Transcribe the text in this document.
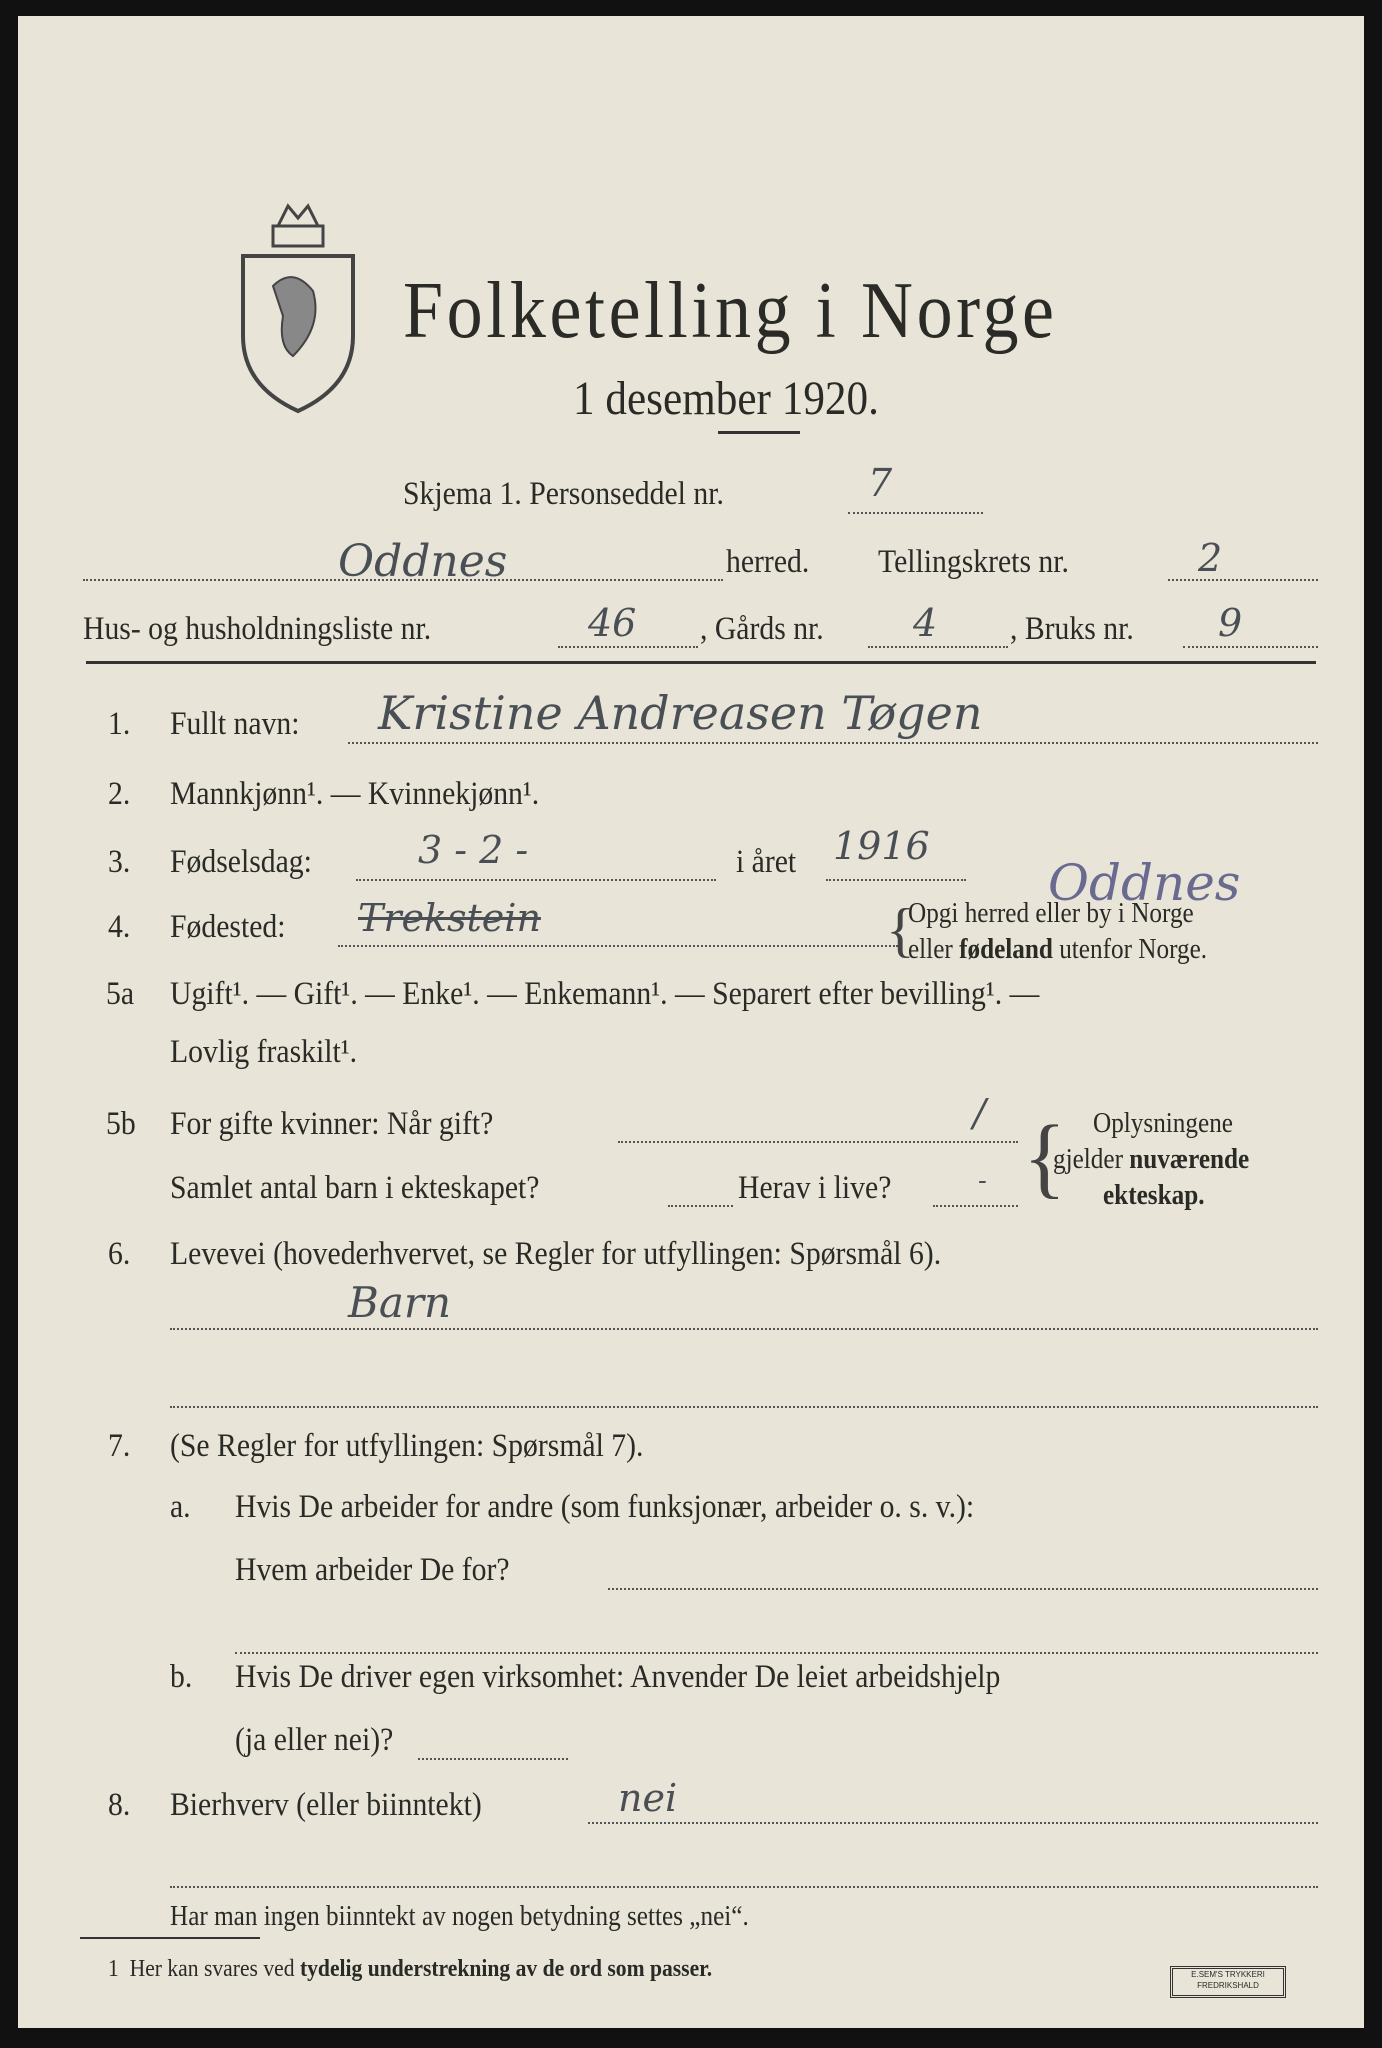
Folketelling i Norge
1 desember 1920.
Skjema 1. Personseddel nr.	7
Oddnes	herred. Tellingskrets nr.	2
Hus- og husholdningsliste nr.	46 , Gårds nr. 4 , Bruks nr. 9
1. Fullt navn: Kristine Andreasen Tøgen
2. Mannkjønn¹. — Kvinnekjønn¹.
3. Fødselsdag:	3 - 2 -	i året 1916
Oddnes
4. Fødested: Trekstein	{
Opgi herred eller by i Norge
eller fødeland utenfor Norge.
5a Ugift¹. — Gift¹. — Enke¹. — Enkemann¹. — Separert efter bevilling¹. —
Lovlig fraskilt¹.
5b For gifte kvinner: Når gift?	/
Samlet antal barn i ekteskapet?	Herav i live?	- { Oplysningene
gjelder nuværende
ekteskap.
6. Levevei (hovederhvervet, se Regler for utfyllingen: Spørsmål 6).
Barn
7. (Se Regler for utfyllingen: Spørsmål 7).
a. Hvis De arbeider for andre (som funksjonær, arbeider o. s. v.):
Hvem arbeider De for?
b. Hvis De driver egen virksomhet: Anvender De leiet arbeidshjelp
(ja eller nei)?
8. Bierhverv (eller biinntekt)	nei
Har man ingen biinntekt av nogen betydning settes „nei“.
1 Her kan svares ved tydelig understrekning av de ord som passer.	E.SEM'S TRYKKERI
FREDRIKSHALD
